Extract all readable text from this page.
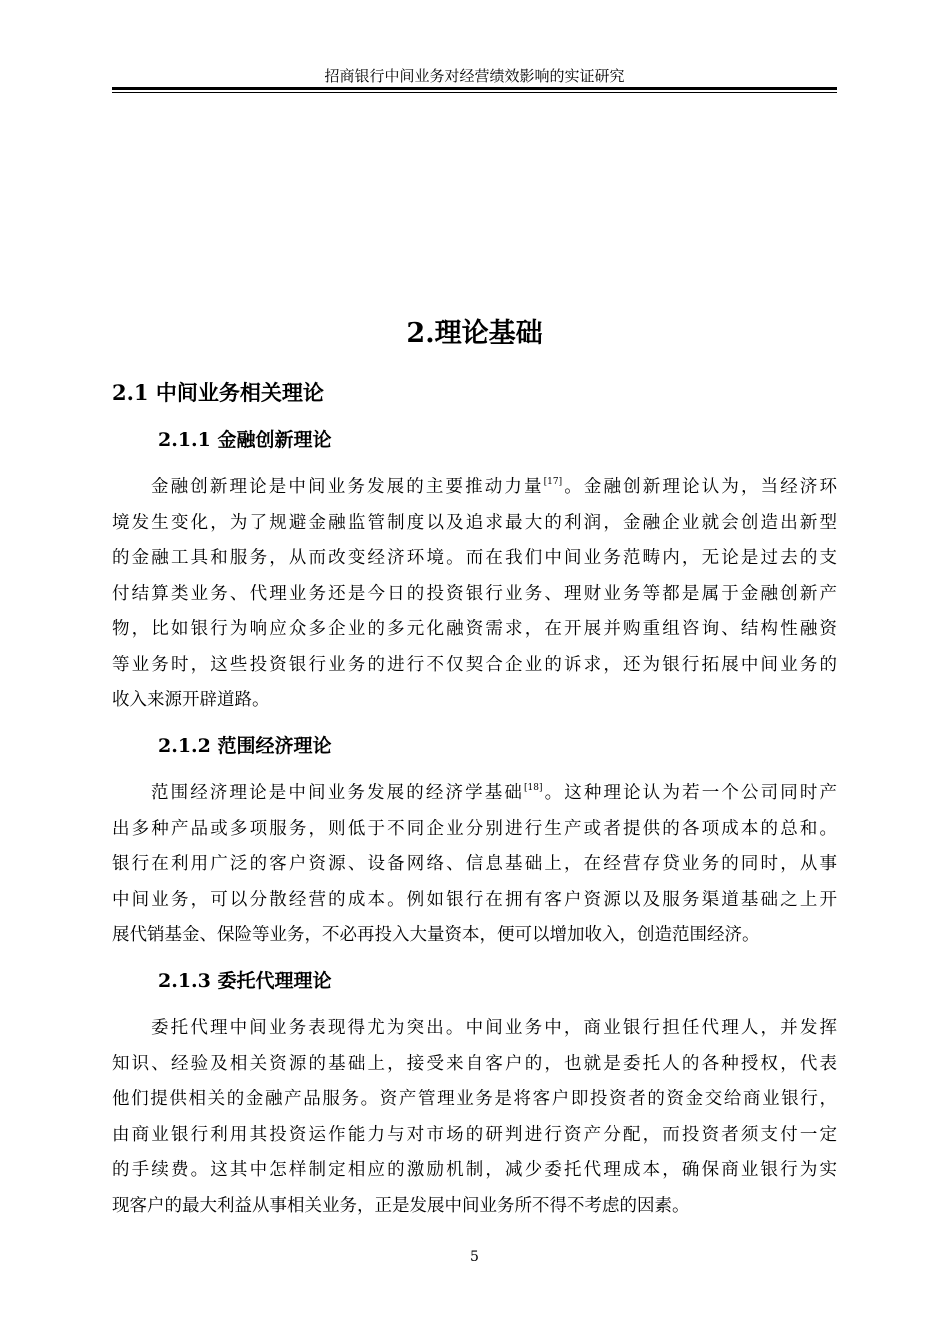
招商银行中间业务对经营绩效影响的实证研究
2.理论基础
2.1 中间业务相关理论
2.1.1 金融创新理论
金融创新理论是中间业务发展的主要推动力量[17]。金融创新理论认为，当经济环
境发生变化，为了规避金融监管制度以及追求最大的利润，金融企业就会创造出新型
的金融工具和服务，从而改变经济环境。而在我们中间业务范畴内，无论是过去的支
付结算类业务、代理业务还是今日的投资银行业务、理财业务等都是属于金融创新产
物，比如银行为响应众多企业的多元化融资需求，在开展并购重组咨询、结构性融资
等业务时，这些投资银行业务的进行不仅契合企业的诉求，还为银行拓展中间业务的
收入来源开辟道路。
2.1.2 范围经济理论
范围经济理论是中间业务发展的经济学基础[18]。这种理论认为若一个公司同时产
出多种产品或多项服务，则低于不同企业分别进行生产或者提供的各项成本的总和。
银行在利用广泛的客户资源、设备网络、信息基础上，在经营存贷业务的同时，从事
中间业务，可以分散经营的成本。例如银行在拥有客户资源以及服务渠道基础之上开
展代销基金、保险等业务，不必再投入大量资本，便可以增加收入，创造范围经济。
2.1.3 委托代理理论
委托代理中间业务表现得尤为突出。中间业务中，商业银行担任代理人，并发挥
知识、经验及相关资源的基础上，接受来自客户的，也就是委托人的各种授权，代表
他们提供相关的金融产品服务。资产管理业务是将客户即投资者的资金交给商业银行，
由商业银行利用其投资运作能力与对市场的研判进行资产分配，而投资者须支付一定
的手续费。这其中怎样制定相应的激励机制，减少委托代理成本，确保商业银行为实
现客户的最大利益从事相关业务，正是发展中间业务所不得不考虑的因素。
5
